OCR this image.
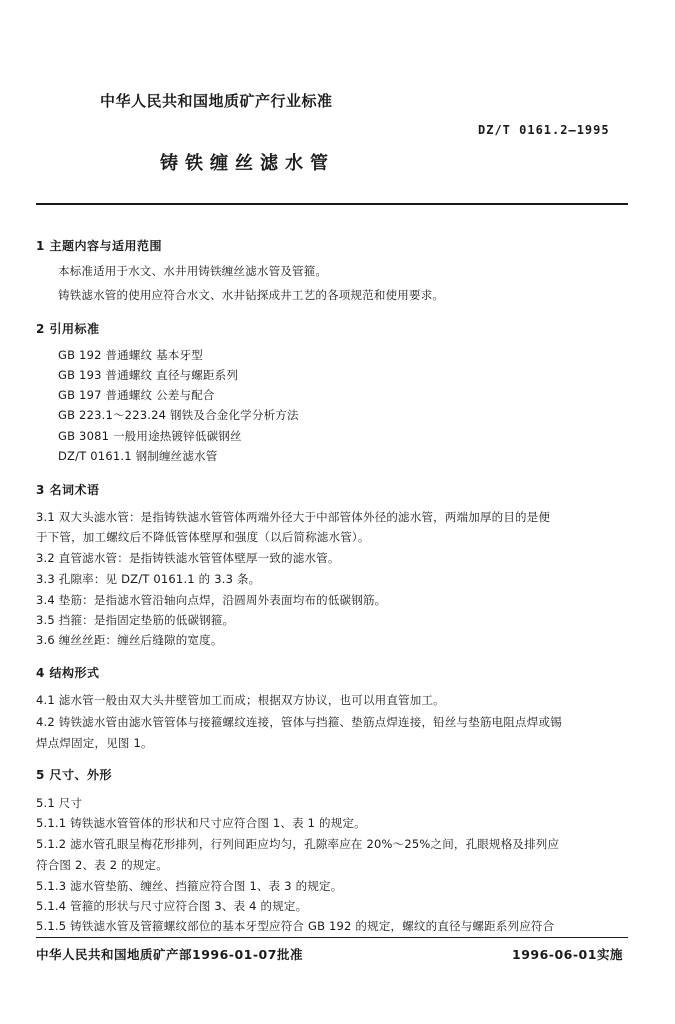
中华人民共和国地质矿产行业标准
DZ/T 0161.2—1995
铸铁缠丝滤水管
1 主题内容与适用范围
本标准适用于水文、水井用铸铁缠丝滤水管及管箍。
铸铁滤水管的使用应符合水文、水井钻探成井工艺的各项规范和使用要求。
2 引用标准
GB 192 普通螺纹 基本牙型
GB 193 普通螺纹 直径与螺距系列
GB 197 普通螺纹 公差与配合
GB 223.1～223.24 钢铁及合金化学分析方法
GB 3081 一般用途热镀锌低碳钢丝
DZ/T 0161.1 钢制缠丝滤水管
3 名词术语
3.1 双大头滤水管：是指铸铁滤水管管体两端外径大于中部管体外径的滤水管，两端加厚的目的是便
于下管，加工螺纹后不降低管体壁厚和强度（以后简称滤水管）。
3.2 直管滤水管：是指铸铁滤水管管体壁厚一致的滤水管。
3.3 孔隙率：见 DZ/T 0161.1 的 3.3 条。
3.4 垫筋：是指滤水管沿轴向点焊，沿圆周外表面均布的低碳钢筋。
3.5 挡箍：是指固定垫筋的低碳钢箍。
3.6 缠丝丝距：缠丝后缝隙的宽度。
4 结构形式
4.1 滤水管一般由双大头井壁管加工而成；根据双方协议，也可以用直管加工。
4.2 铸铁滤水管由滤水管管体与接箍螺纹连接，管体与挡箍、垫筋点焊连接，铅丝与垫筋电阻点焊或锡
焊点焊固定，见图 1。
5 尺寸、外形
5.1 尺寸
5.1.1 铸铁滤水管管体的形状和尺寸应符合图 1、表 1 的规定。
5.1.2 滤水管孔眼呈梅花形排列，行列间距应均匀，孔隙率应在 20%～25%之间，孔眼规格及排列应
符合图 2、表 2 的规定。
5.1.3 滤水管垫筋、缠丝、挡箍应符合图 1、表 3 的规定。
5.1.4 管箍的形状与尺寸应符合图 3、表 4 的规定。
5.1.5 铸铁滤水管及管箍螺纹部位的基本牙型应符合 GB 192 的规定，螺纹的直径与螺距系列应符合
中华人民共和国地质矿产部1996-01-07批准	1996-06-01实施
